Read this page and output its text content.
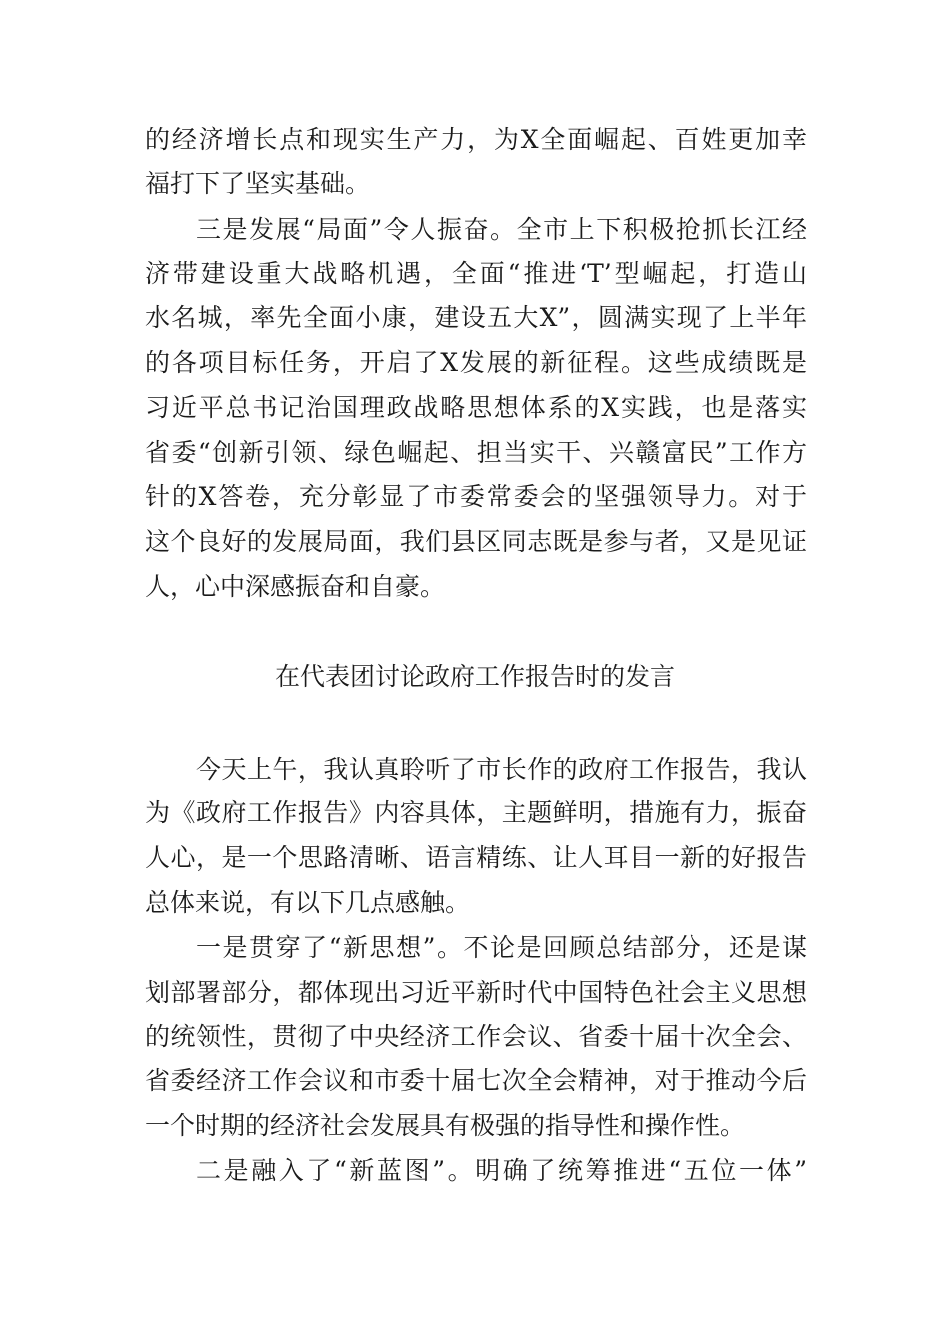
的经济增长点和现实生产力，为X全面崛起、百姓更加幸
福打下了坚实基础。
三是发展“局面”令人振奋。全市上下积极抢抓长江经
济带建设重大战略机遇，全面“推进‘T’型崛起，打造山
水名城，率先全面小康，建设五大X”，圆满实现了上半年
的各项目标任务，开启了X发展的新征程。这些成绩既是
习近平总书记治国理政战略思想体系的X实践，也是落实
省委“创新引领、绿色崛起、担当实干、兴赣富民”工作方
针的X答卷，充分彰显了市委常委会的坚强领导力。对于
这个良好的发展局面，我们县区同志既是参与者，又是见证
人，心中深感振奋和自豪。
在代表团讨论政府工作报告时的发言
今天上午，我认真聆听了市长作的政府工作报告，我认
为《政府工作报告》内容具体，主题鲜明，措施有力，振奋
人心，是一个思路清晰、语言精练、让人耳目一新的好报告
总体来说，有以下几点感触。
一是贯穿了“新思想”。不论是回顾总结部分，还是谋
划部署部分，都体现出习近平新时代中国特色社会主义思想
的统领性，贯彻了中央经济工作会议、省委十届十次全会、
省委经济工作会议和市委十届七次全会精神，对于推动今后
一个时期的经济社会发展具有极强的指导性和操作性。
二是融入了“新蓝图”。明确了统筹推进“五位一体”
